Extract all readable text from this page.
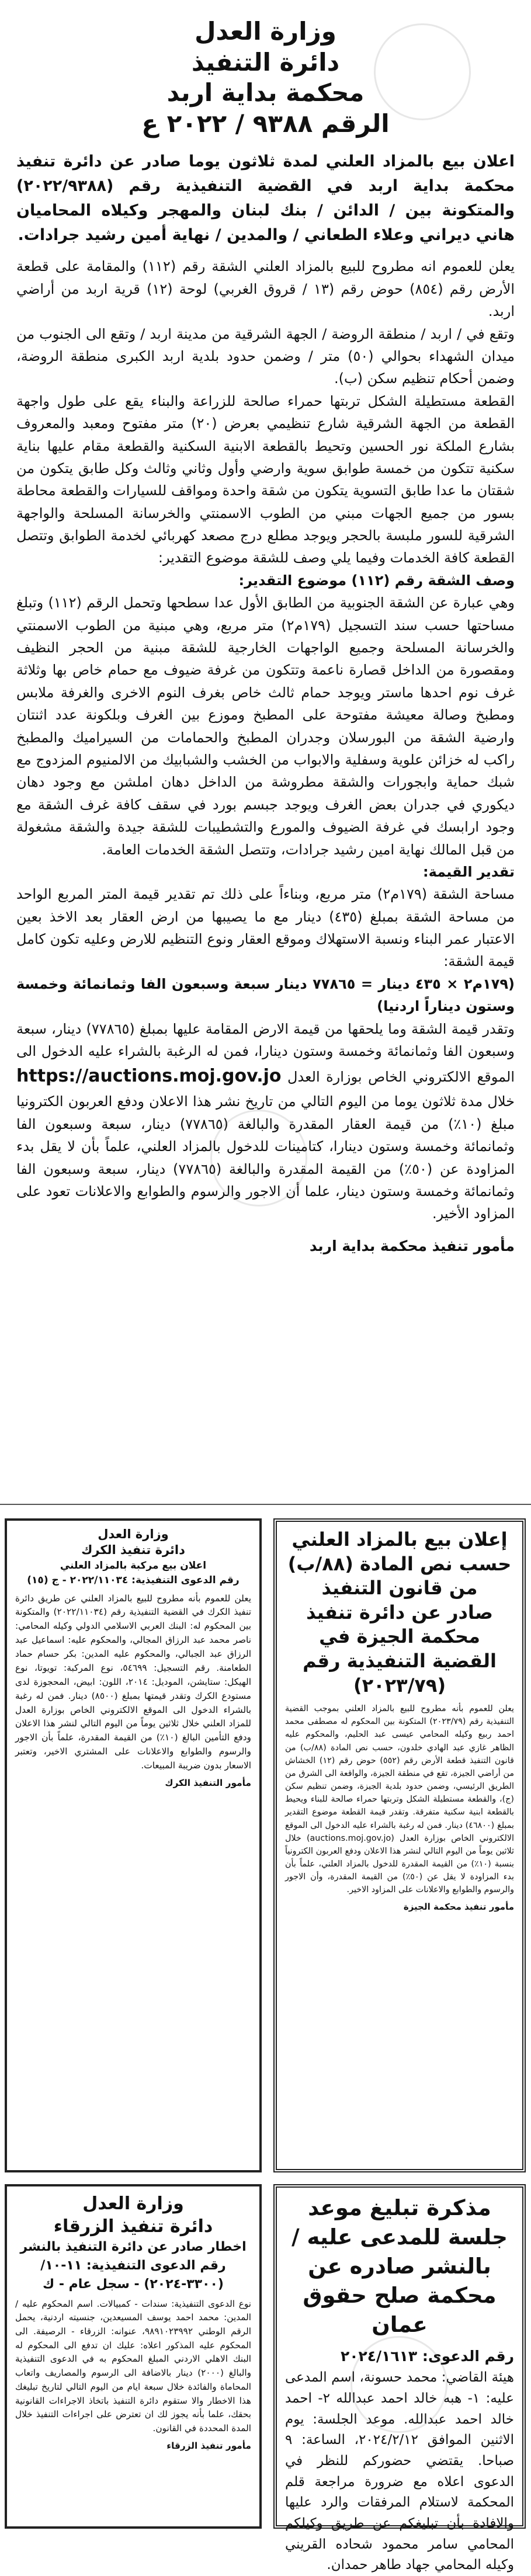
وزارة العدل
دائرة التنفيذ
محكمة بداية اربد
الرقم ٩٣٨٨ / ٢٠٢٢ ع

اعلان بيع بالمزاد العلني لمدة ثلاثون يوما صادر عن دائرة تنفيذ محكمة بداية اربد في القضية التنفيذية رقم (٢٠٢٢/٩٣٨٨) والمتكونة بين / الدائن / بنك لبنان والمهجر وكيلاه المحاميان هاني ديراني وعلاء الطعاني / والمدين / نهاية أمين رشيد جرادات.

يعلن للعموم انه مطروح للبيع بالمزاد العلني الشقة رقم (١١٢) والمقامة على قطعة الأرض رقم (٨٥٤) حوض رقم (١٣ / قروق الغربي) لوحة (١٢) قرية اربد من أراضي اربد.

وتقع في / اربد / منطقة الروضة / الجهة الشرقية من مدينة اربد / وتقع الى الجنوب من ميدان الشهداء بحوالي (٥٠) متر / وضمن حدود بلدية اربد الكبرى منطقة الروضة، وضمن أحكام تنظيم سكن (ب).

القطعة مستطيلة الشكل تربتها حمراء صالحة للزراعة والبناء يقع على طول واجهة القطعة من الجهة الشرقية شارع تنظيمي بعرض (٢٠) متر مفتوح ومعبد والمعروف بشارع الملكة نور الحسين وتحيط بالقطعة الابنية السكنية والقطعة مقام عليها بناية سكنية تتكون من خمسة طوابق سوية وارضي وأول وثاني وثالث وكل طابق يتكون من شقتان ما عدا طابق التسوية يتكون من شقة واحدة ومواقف للسيارات والقطعة محاطة بسور من جميع الجهات مبني من الطوب الاسمنتي والخرسانة المسلحة والواجهة الشرقية للسور ملبسة بالحجر ويوجد مطلع درج مصعد كهربائي لخدمة الطوابق وتتصل القطعة كافة الخدمات وفيما يلي وصف للشقة موضوع التقدير:

وصف الشقة رقم (١١٢) موضوع التقدير:

وهي عبارة عن الشقة الجنوبية من الطابق الأول عدا سطحها وتحمل الرقم (١١٢) وتبلغ مساحتها حسب سند التسجيل (١٧٩م٢) متر مربع، وهي مبنية من الطوب الاسمنتي والخرسانة المسلحة وجميع الواجهات الخارجية للشقة مبنية من الحجر النظيف ومقصورة من الداخل قصارة ناعمة وتتكون من غرفة ضيوف مع حمام خاص بها وثلاثة غرف نوم احدها ماستر ويوجد حمام ثالث خاص بغرف النوم الاخرى والغرفة ملابس ومطبخ وصالة معيشة مفتوحة على المطبخ وموزع بين الغرف وبلكونة عدد اثنتان وارضية الشقة من البورسلان وجدران المطبخ والحمامات من السيراميك والمطبخ راكب له خزائن علوية وسفلية والابواب من الخشب والشبابيك من الالمنيوم المزدوج مع شبك حماية وابجورات والشقة مطروشة من الداخل دهان املشن مع وجود دهان ديكوري في جدران بعض الغرف ويوجد جبسم بورد في سقف كافة غرف الشقة مع وجود ارابسك في غرفة الضيوف والمورع والتشطيبات للشقة جيدة والشقة مشغولة من قبل المالك نهاية امين رشيد جرادات، وتتصل الشقة الخدمات العامة.

تقدير القيمة:

مساحة الشقة (١٧٩م٢) متر مربع، وبناءاً على ذلك تم تقدير قيمة المتر المربع الواحد من مساحة الشقة بمبلغ (٤٣٥) دينار مع ما يصيبها من ارض العقار بعد الاخذ بعين الاعتبار عمر البناء ونسبة الاستهلاك وموقع العقار ونوع التنظيم للارض وعليه تكون كامل قيمة الشقة:

(١٧٩م٢ × ٤٣٥ دينار = ٧٧٨٦٥ دينار سبعة وسبعون الفا وثمانمائة وخمسة وستون ديناراً اردنيا)

وتقدر قيمة الشقة وما يلحقها من قيمة الارض المقامة عليها بمبلغ (٧٧٨٦٥) دينار، سبعة وسبعون الفا وثمانمائة وخمسة وستون دينارا، فمن له الرغبة بالشراء عليه الدخول الى الموقع الالكتروني الخاص بوزارة العدل https://auctions.moj.gov.jo خلال مدة ثلاثون يوما من اليوم التالي من تاريخ نشر هذا الاعلان ودفع العربون الكترونيا مبلغ (١٠٪) من قيمة العقار المقدرة والبالغة (٧٧٨٦٥) دينار، سبعة وسبعون الفا وثمانمائة وخمسة وستون دينارا، كتامينات للدخول بالمزاد العلني، علماً بأن لا يقل بدء المزاودة عن (٥٠٪) من القيمة المقدرة والبالغة (٧٧٨٦٥) دينار، سبعة وسبعون الفا وثمانمائة وخمسة وستون دينار، علما أن الاجور والرسوم والطوابع والاعلانات تعود على المزاود الأخير.

مأمور تنفيذ محكمة بداية اربد

إعلان بيع بالمزاد العلني
حسب نص المادة (٨٨/ب) من قانون التنفيذ
صادر عن دائرة تنفيذ محكمة الجيزة في القضية التنفيذية رقم (٢٠٢٣/٧٩)

يعلن للعموم بأنه مطروح للبيع بالمزاد العلني بموجب القضية التنفيذية رقم (٢٠٢٣/٧٩) المتكونة بين المحكوم له مصطفى محمد احمد ربيع وكيله المحامي عيسى عبد الحليم، والمحكوم عليه الظاهر غازي عبد الهادي خلدون، حسب نص المادة (٨٨/ب) من قانون التنفيذ قطعة الأرض رقم (٥٥٢) حوض رقم (١٢) الخشاش من أراضي الجيزة، تقع في منطقة الجيزة، والواقعة الى الشرق من الطريق الرئيسي، وضمن حدود بلدية الجيزة، وضمن تنظيم سكن (ج)، والقطعة مستطيلة الشكل وتربتها حمراء صالحة للبناء ويحيط بالقطعة ابنية سكنية متفرقة. وتقدر قيمة القطعة موضوع التقدير بمبلغ (٤٦٨٠٠) دينار. فمن له رغبة بالشراء عليه الدخول الى الموقع الالكتروني الخاص بوزارة العدل (auctions.moj.gov.jo) خلال ثلاثين يوماً من اليوم التالي لنشر هذا الاعلان ودفع العربون الكترونياً بنسبة (١٠٪) من القيمة المقدرة للدخول بالمزاد العلني، علماً بأن بدء المزاودة لا يقل عن (٥٠٪) من القيمة المقدرة، وأن الاجور والرسوم والطوابع والاعلانات على المزاود الاخير.

مأمور تنفيذ محكمة الجيزة

وزارة العدل
دائرة تنفيذ الكرك
اعلان بيع مركبة بالمزاد العلني
رقم الدعوى التنفيذية: ٢٠٢٢/١١٠٣٤ - ج (١٥)

يعلن للعموم بأنه مطروح للبيع بالمزاد العلني عن طريق دائرة تنفيذ الكرك في القضية التنفيذية رقم (٢٠٢٢/١١٠٣٤) والمتكونة بين المحكوم له: البنك العربي الاسلامي الدولي وكيله المحامي: ناصر محمد عبد الرزاق المجالي، والمحكوم عليه: اسماعيل عبد الرزاق عبد الجبالي، والمحكوم عليه المدين: بكر حسام حماد الطعامنة. رقم التسجيل: ٥٤٦٩٩، نوع المركبة: تويوتا، نوع الهيكل: ستايشن، الموديل: ٢٠١٤، اللون: ابيض، المحجوزة لدى مستودع الكرك وتقدر قيمتها بمبلغ (٨٥٠٠) دينار. فمن له رغبة بالشراء الدخول الى الموقع الالكتروني الخاص بوزارة العدل للمزاد العلني خلال ثلاثين يوماً من اليوم التالي لنشر هذا الاعلان ودفع التأمين البالغ (١٠٪) من القيمة المقدرة، علماً بأن الاجور والرسوم والطوابع والاعلانات على المشتري الاخير، وتعتبر الاسعار بدون ضريبة المبيعات.

مأمور التنفيذ الكرك

مذكرة تبليغ موعد جلسة للمدعى عليه / بالنشر صادره عن محكمة صلح حقوق عمان

رقم الدعوى: ٢٠٢٤/١٦١٣

هيئة القاضي: محمد حسونة، اسم المدعى عليه: ١- هبه خالد احمد عبدالله ٢- احمد خالد احمد عبدالله. موعد الجلسة: يوم الاثنين الموافق ٢٠٢٤/٢/١٢، الساعة: ٩ صباحا. يقتضي حضوركم للنظر في الدعوى اعلاه مع ضرورة مراجعة قلم المحكمة لاستلام المرفقات والرد عليها والافادة بأن تبليغكم عن طريق وكيلكم المحامي سامر محمود شحاده القريني وكيله المحامي جهاد طاهر حمدان.

وزارة العدل
دائرة تنفيذ الزرقاء
اخطار صادر عن دائرة التنفيذ بالنشر
رقم الدعوى التنفيذية: ١١-١٠/ (٣٣٠٠-٢٠٢٤) - سجل عام - ك

نوع الدعوى التنفيذية: سندات - كمبيالات. اسم المحكوم عليه / المدين: محمد احمد يوسف المسيعدين، جنسيته اردنية، يحمل الرقم الوطني ٩٨٩١٠٢٣٩٩٢، عنوانه: الزرقاء - الرصيفة. الى المحكوم عليه المذكور اعلاه: عليك ان تدفع الى المحكوم له البنك الاهلي الاردني المبلغ المحكوم به في الدعوى التنفيذية والبالغ (٢٠٠٠) دينار بالاضافة الى الرسوم والمصاريف واتعاب المحاماة والفائدة خلال سبعة ايام من اليوم التالي لتاريخ تبليغك هذا الاخطار والا ستقوم دائرة التنفيذ باتخاذ الاجراءات القانونية بحقك، علما بأنه يجوز لك ان تعترض على اجراءات التنفيذ خلال المدة المحددة في القانون.

مأمور تنفيذ الزرقاء
